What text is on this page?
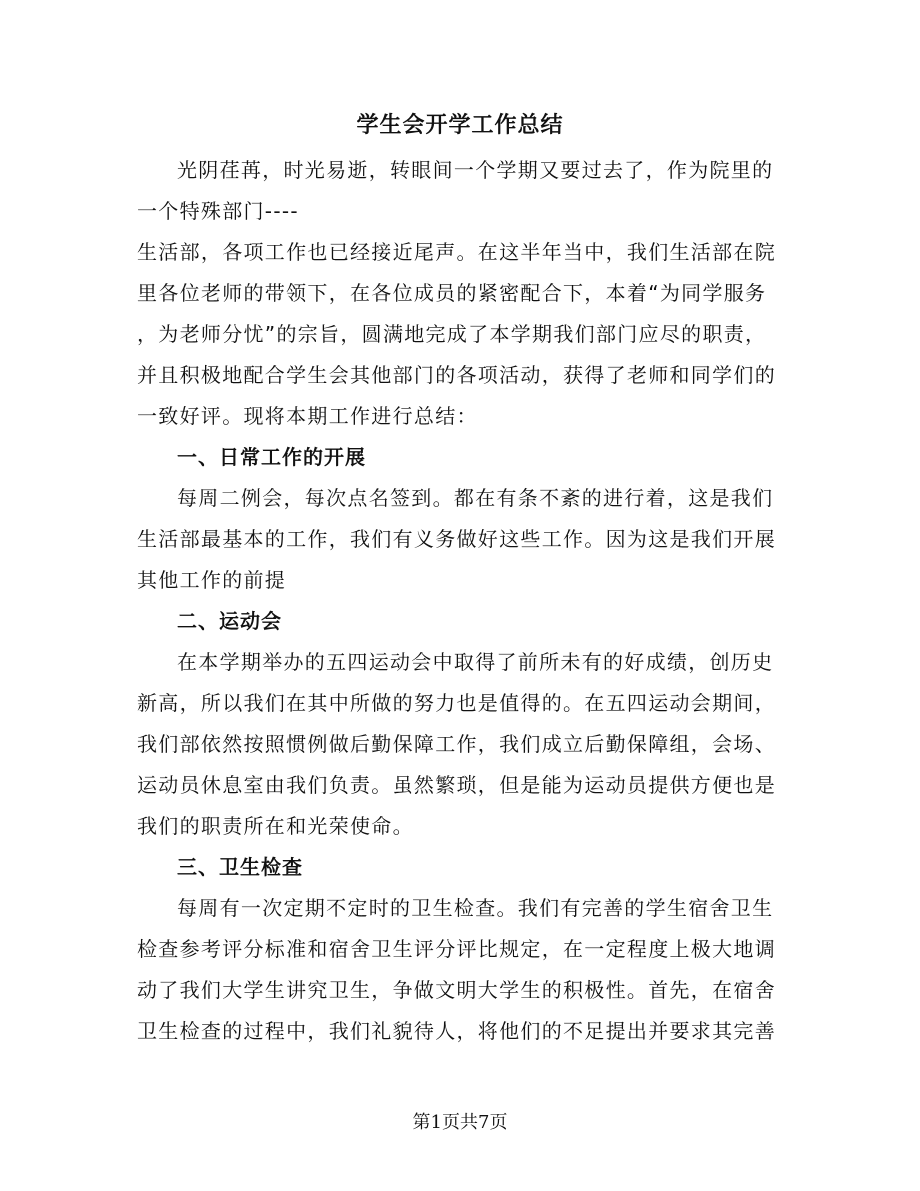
学生会开学工作总结
光阴荏苒，时光易逝，转眼间一个学期又要过去了，作为院里的
一个特殊部门----
生活部，各项工作也已经接近尾声。在这半年当中，我们生活部在院
里各位老师的带领下，在各位成员的紧密配合下，本着“为同学服务
，为老师分忧”的宗旨，圆满地完成了本学期我们部门应尽的职责，
并且积极地配合学生会其他部门的各项活动，获得了老师和同学们的
一致好评。现将本期工作进行总结：
一、日常工作的开展
每周二例会，每次点名签到。都在有条不紊的进行着，这是我们
生活部最基本的工作，我们有义务做好这些工作。因为这是我们开展
其他工作的前提
二、运动会
在本学期举办的五四运动会中取得了前所未有的好成绩，创历史
新高，所以我们在其中所做的努力也是值得的。在五四运动会期间，
我们部依然按照惯例做后勤保障工作，我们成立后勤保障组，会场、
运动员休息室由我们负责。虽然繁琐，但是能为运动员提供方便也是
我们的职责所在和光荣使命。
三、卫生检查
每周有一次定期不定时的卫生检查。我们有完善的学生宿舍卫生
检查参考评分标准和宿舍卫生评分评比规定，在一定程度上极大地调
动了我们大学生讲究卫生，争做文明大学生的积极性。首先，在宿舍
卫生检查的过程中，我们礼貌待人，将他们的不足提出并要求其完善
第1页共7页
